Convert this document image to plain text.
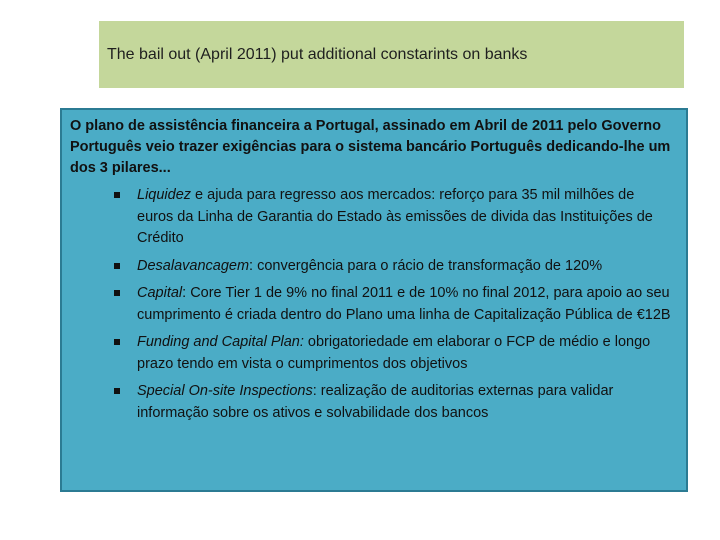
The bail out (April 2011) put additional constarints on banks

O plano de assistência financeira a Portugal, assinado em Abril de 2011 pelo Governo Português veio trazer exigências para o sistema bancário Português dedicando-lhe um dos 3 pilares...

Liquidez e ajuda para regresso aos mercados: reforço para 35 mil milhões de euros da Linha de Garantia do Estado às emissões de divida das Instituições de Crédito
Desalavancagem: convergência para o rácio de transformação de 120%
Capital: Core Tier 1 de 9% no final 2011 e de 10% no final 2012, para apoio ao seu cumprimento é criada dentro do Plano uma linha de Capitalização Pública de €12B
Funding and Capital Plan: obrigatoriedade em elaborar o FCP de médio e longo prazo tendo em vista o cumprimentos dos objetivos
Special On-site Inspections: realização de auditorias externas para validar informação sobre os ativos e solvabilidade dos bancos
